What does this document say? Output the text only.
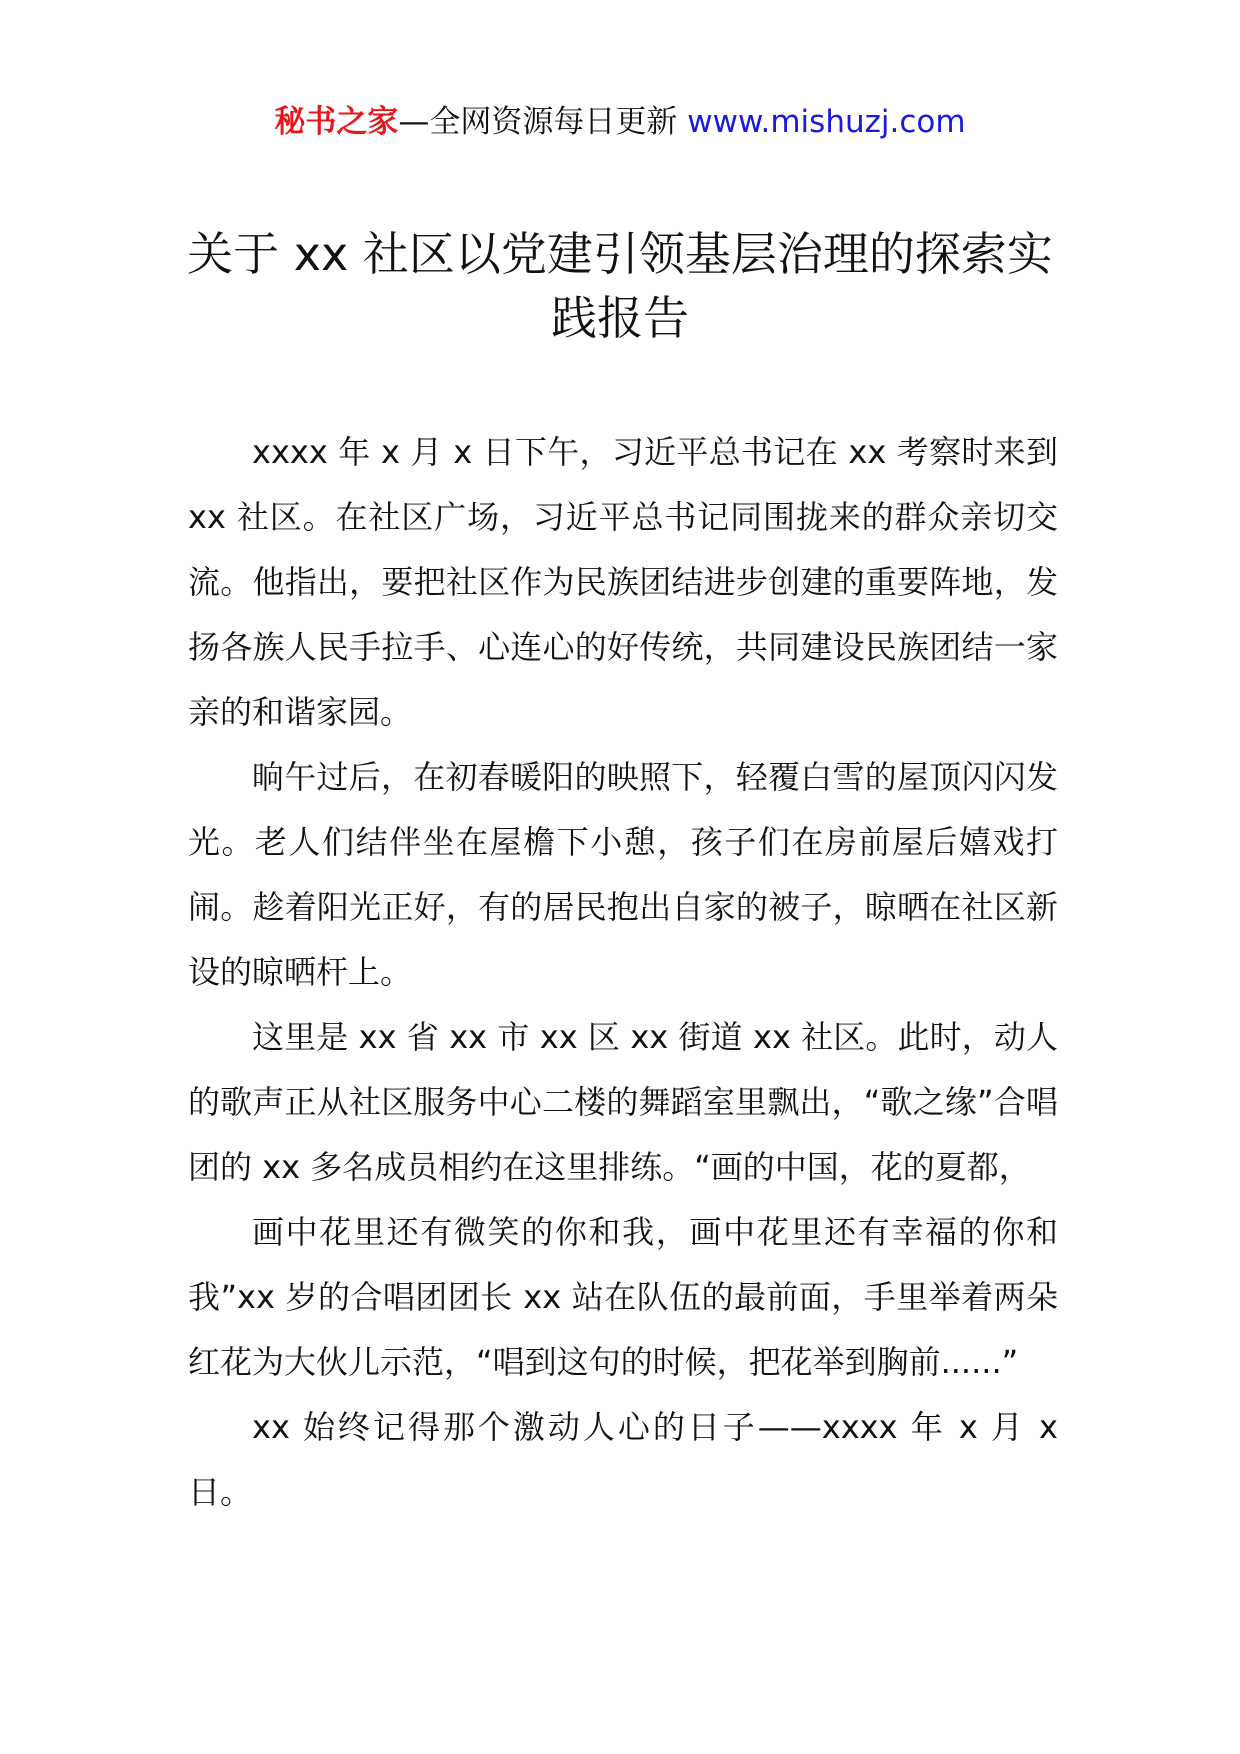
秘书之家—全网资源每日更新 www.mishuzj.com
关于 xx 社区以党建引领基层治理的探索实
践报告

xxxx 年 x 月 x 日下午，习近平总书记在 xx 考察时来到 xx 社区。在社区广场，习近平总书记同围拢来的群众亲切交流。他指出，要把社区作为民族团结进步创建的重要阵地，发扬各族人民手拉手、心连心的好传统，共同建设民族团结一家亲的和谐家园。

晌午过后，在初春暖阳的映照下，轻覆白雪的屋顶闪闪发光。老人们结伴坐在屋檐下小憩，孩子们在房前屋后嬉戏打闹。趁着阳光正好，有的居民抱出自家的被子，晾晒在社区新设的晾晒杆上。

这里是 xx 省 xx 市 xx 区 xx 街道 xx 社区。此时，动人的歌声正从社区服务中心二楼的舞蹈室里飘出，“歌之缘”合唱团的 xx 多名成员相约在这里排练。“画的中国，花的夏都，

画中花里还有微笑的你和我，画中花里还有幸福的你和我”xx 岁的合唱团团长 xx 站在队伍的最前面，手里举着两朵红花为大伙儿示范，“唱到这句的时候，把花举到胸前......”

xx 始终记得那个激动人心的日子——xxxx 年 x 月 x 日。
